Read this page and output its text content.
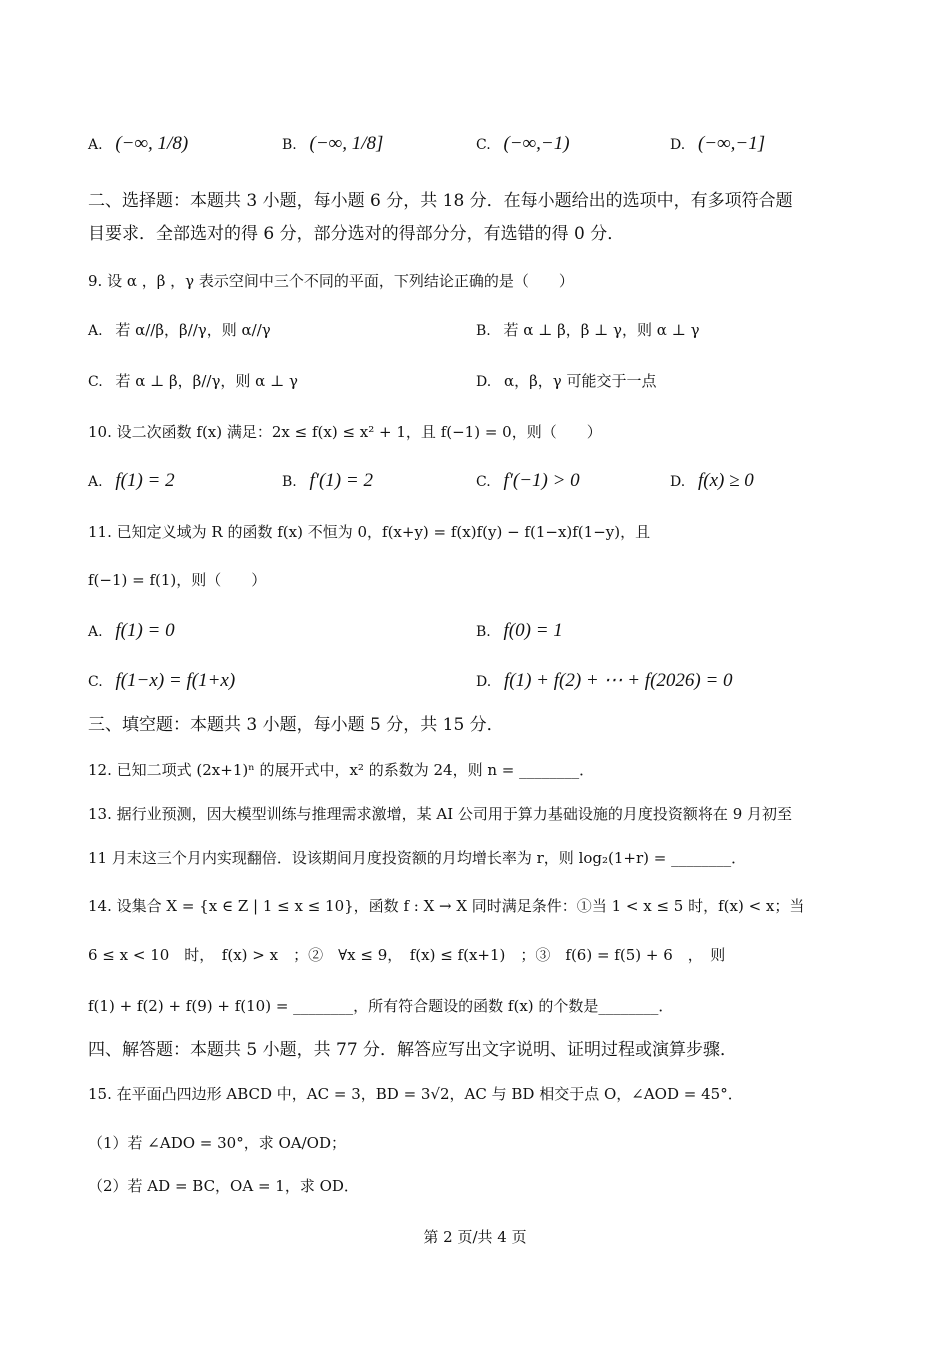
A. (−∞, 1/8)	B. (−∞, 1/8]	C. (−∞,−1)	D. (−∞,−1]
二、选择题：本题共 3 小题，每小题 6 分，共 18 分．在每小题给出的选项中，有多项符合题
目要求．全部选对的得 6 分，部分选对的得部分分，有选错的得 0 分．
9. 设 α ，β ，γ 表示空间中三个不同的平面，下列结论正确的是（　　）
A. 若 α//β，β//γ，则 α//γ	B. 若 α ⊥ β，β ⊥ γ，则 α ⊥ γ
C. 若 α ⊥ β，β//γ，则 α ⊥ γ	D. α，β，γ 可能交于一点
10. 设二次函数 f(x) 满足：2x ≤ f(x) ≤ x² + 1，且 f(−1) = 0，则（　　）
A. f(1) = 2	B. f′(1) = 2	C. f′(−1) > 0	D. f(x) ≥ 0
11. 已知定义域为 R 的函数 f(x) 不恒为 0，f(x+y) = f(x)f(y) − f(1−x)f(1−y)，且
f(−1) = f(1)，则（　　）
A. f(1) = 0	B. f(0) = 1
C. f(1−x) = f(1+x)	D. f(1) + f(2) + ⋯ + f(2026) = 0
三、填空题：本题共 3 小题，每小题 5 分，共 15 分．
12. 已知二项式 (2x+1)ⁿ 的展开式中，x² 的系数为 24，则 n = ________．
13. 据行业预测，因大模型训练与推理需求激增，某 AI 公司用于算力基础设施的月度投资额将在 9 月初至
11 月末这三个月内实现翻倍．设该期间月度投资额的月均增长率为 r，则 log₂(1+r) = ________．
14. 设集合 X = {x ∈ Z | 1 ≤ x ≤ 10}，函数 f : X → X 同时满足条件：①当 1 < x ≤ 5 时，f(x) < x；当
6 ≤ x < 10　时，　f(x) > x　；②　∀x ≤ 9，　f(x) ≤ f(x+1)　；③　f(6) = f(5) + 6　，　则
f(1) + f(2) + f(9) + f(10) = ________，所有符合题设的函数 f(x) 的个数是________．
四、解答题：本题共 5 小题，共 77 分．解答应写出文字说明、证明过程或演算步骤．
15. 在平面凸四边形 ABCD 中，AC = 3，BD = 3√2，AC 与 BD 相交于点 O，∠AOD = 45°．
（1）若 ∠ADO = 30°，求 OA/OD；
（2）若 AD = BC，OA = 1，求 OD．
第 2 页/共 4 页
